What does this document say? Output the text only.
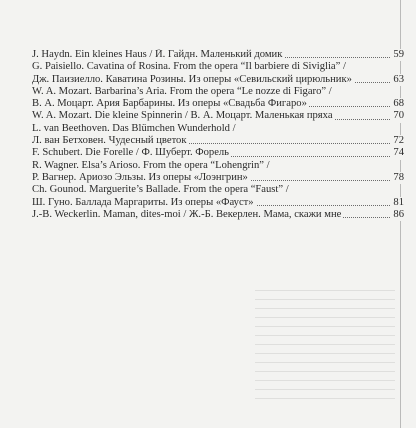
J. Haydn. Ein kleines Haus / Й. Гайдн. Маленький домик	59
G. Paisiello. Cavatina of Rosina. From the opera “Il barbiere di Siviglia” /
Дж. Паизиелло. Каватина Розины. Из оперы «Севильский цирюльник»	63
W. A. Mozart. Barbarina’s Aria. From the opera “Le nozze di Figaro” /
В. А. Моцарт. Ария Барбарины. Из оперы «Свадьба Фигаро»	68
W. A. Mozart. Die kleine Spinnerin / В. А. Моцарт. Маленькая пряха	70
L. van Beethoven. Das Blümchen Wunderhold /
Л. ван Бетховен. Чудесный цветок	72
F. Schubert. Die Forelle / Ф. Шуберт. Форель	74
R. Wagner. Elsa’s Arioso. From the opera “Lohengrin” /
Р. Вагнер. Ариозо Эльзы. Из оперы «Лоэнгрин»	78
Ch. Gounod. Marguerite’s Ballade. From the opera “Faust” /
Ш. Гуно. Баллада Маргариты. Из оперы «Фауст»	81
J.-B. Weckerlin. Maman, dites-moi / Ж.-Б. Векерлен. Мама, скажи мне	86
